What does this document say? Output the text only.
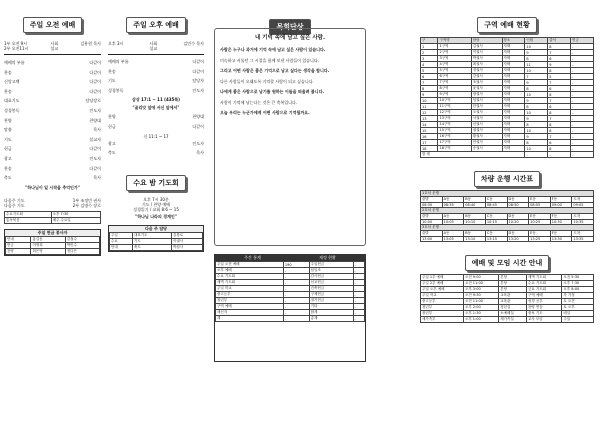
주일 오전 예배
1부 오전 9시
2부 오전11시
사회
설교
김용원 목사
예배의 부름	다같이
찬송	다같이
신앙고백	다같이
찬송	다같이
대표기도	담당장로
성경봉독	인도자
찬양	찬양대
말씀	목사
기도	설교자
헌금	다같이
광고	인도자
찬송	다같이
축도	목사
"하나님이 일 시작을 추억인가"
다음주 기도
다음주 기도
1부 조정민 권사
2부 김명수 장로
수요기도회	오후 7:30
통독묵상	매주 수요일
주일 헌금 봉사자
안내	홍길동	김철수
헌금	이영희	박민수
찬양	최은영	정다은
주일 오후 예배
오후 3시	사회
설교
김민수 목사
예배의 부름	다같이
찬송	다같이
기도	담당자
성경봉독	인도자
삼상 17:1 ~ 11 (435쪽)
"골리앗 앞에 서신 앞에서"
찬양	찬양대
헌금	다같이
신 11:1 ~ 17
광고	인도자
축도	목사
수요 밤 기도회
오후 7시 30분
기도 / 찬양 예배
성경읽기 / 교회 8:6 ~ 15
"하나님 나라의 경계인"
다음 주 담당
주일	대표기도	김장로
수요	기도	이권사
안내	축도	박집사
목회단상
내 기억 속에 남고 싶은 사람.

사람은 누구나 과거에 기억 속에 남고 싶은 사람이 있습니다.

미숙하고 서툴던 그 시절을 함께 보낸 사람들이 있습니다.

그리고 어떤 사람은 좋은 기억으로 남고 싶다는 생각을 합니다.

다른 사람들이 오래도록 기억할 사람이 되고 싶습니다.

나에게 좋은 사람으로 남기를 원하는 이들을 떠올려 봅니다.

사람이 기억에 남는다는 것은 큰 축복입니다.

오늘 우리는 누군가에게 어떤 사람으로 기억될까요.

주간 통계	재정 현황
주일 오전 예배	190	주일헌금	-
오후 예배	-	십일조	-
수요 기도회	-	감사헌금	-
새벽 기도회	-	선교헌금	-
주일 학교	-	건축헌금	-
중고등부	-	구제헌금	-
청년부	-	절기헌금	-
구역 예배	-	기타	-
새신자	-	합계	-
계	-	총계	-
구역 예배 현황
구	구역명	담당	장소	인원	출석	헌금
1	1구역	김권사	자택	10	8	-
2	2구역	이권사	자택	9	7	-
3	3구역	박권사	자택	8	6	-
4	4구역	최권사	자택	11	9	-
5	5구역	정권사	자택	10	8	-
6	6구역	강권사	자택	7	5	-
7	7구역	조권사	자택	9	7	-
8	8구역	윤권사	자택	8	6	-
9	9구역	장권사	자택	10	8	-
10	10구역	임권사	자택	9	7	-
11	11구역	한권사	자택	8	6	-
12	12구역	오권사	자택	10	8	-
13	13구역	서권사	자택	9	7	-
14	14구역	신권사	자택	8	6	-
15	15구역	권권사	자택	10	8	-
16	16구역	황권사	자택	9	7	-
17	17구역	안권사	자택	8	6	-
18	18구역	송권사	자택	10	8	-
합 계				-	-	-
차량 운행 시간표
1호차 운행							
출발	A동	B동	C동	D동	E동	F동	도착
08:30	08:35	08:40	08:45	08:50	08:55	09:00	09:05
2호차 운행							
출발	A동	B동	C동	D동	E동	F동	도착
10:00	10:05	10:10	10:15	10:20	10:25	10:30	10:35
3호차 운행							
출발	A동	B동	C동	D동	E동	F동	도착
13:00	13:05	13:10	13:15	13:20	13:25	13:30	13:35
예배 및 모임 시간 안내
주일 1부 예배	오전 9:00	본당	새벽 기도회	오전 5:30
주일 2부 예배	오전 11:00	본당	수요 기도회	오후 7:30
주일 오후 예배	오후 3:00	본당	금요 기도회	오후 8:00
주일 학교	오전 9:30	교육관	구역 예배	각 가정
중고등부	오전 11:00	교육관	성경 공부	토 오전
청년부	오후 2:00	청년실	찬양 연습	토 오후
장년부	오후 1:30	소예배실	중보 기도	매일
새가족부	오후 1:00	새가족실	교사 모임	주일
